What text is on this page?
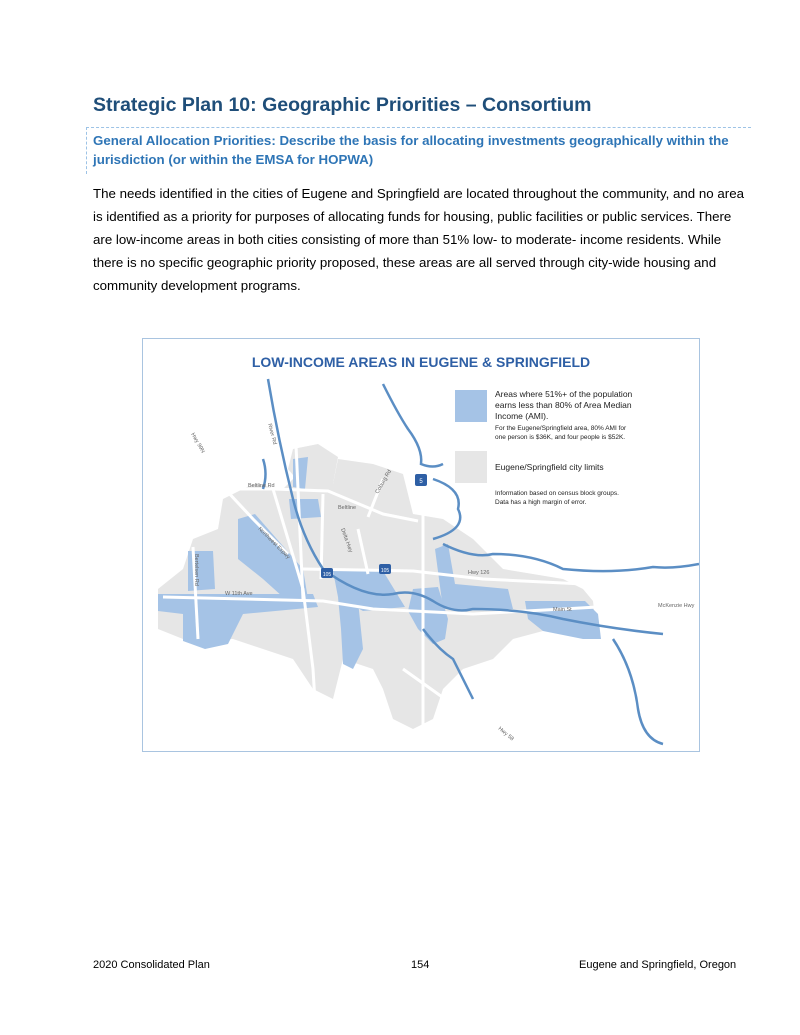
Strategic Plan 10: Geographic Priorities – Consortium
General Allocation Priorities: Describe the basis for allocating investments geographically within the jurisdiction (or within the EMSA for HOPWA)

The needs identified in the cities of Eugene and Springfield are located throughout the community, and no area is identified as a priority for purposes of allocating funds for housing, public facilities or public services. There are low-income areas in both cities consisting of more than 51% low- to moderate- income residents. While there is no specific geographic priority proposed, these areas are all served through city-wide housing and community development programs.

LOW-INCOME AREAS IN EUGENE & SPRINGFIELD
105
105
5
Hwy 99N	River Rd
Beltline Rd
Beltline
Coburg Rd
Northwest Expwy	Delta Hwy
Bertelsen Rd
W 11th Ave
Hwy 126
Main St
McKenzie Hwy
Hwy 58
Areas where 51%+ of the population earns less than 80% of Area Median Income (AMI).
For the Eugene/Springfield area, 80% AMI for one person is $36K, and four people is $52K.
Eugene/Springfield city limits
Information based on census block groups. Data has a high margin of error.
2020 Consolidated Plan	154	Eugene and Springfield, Oregon
